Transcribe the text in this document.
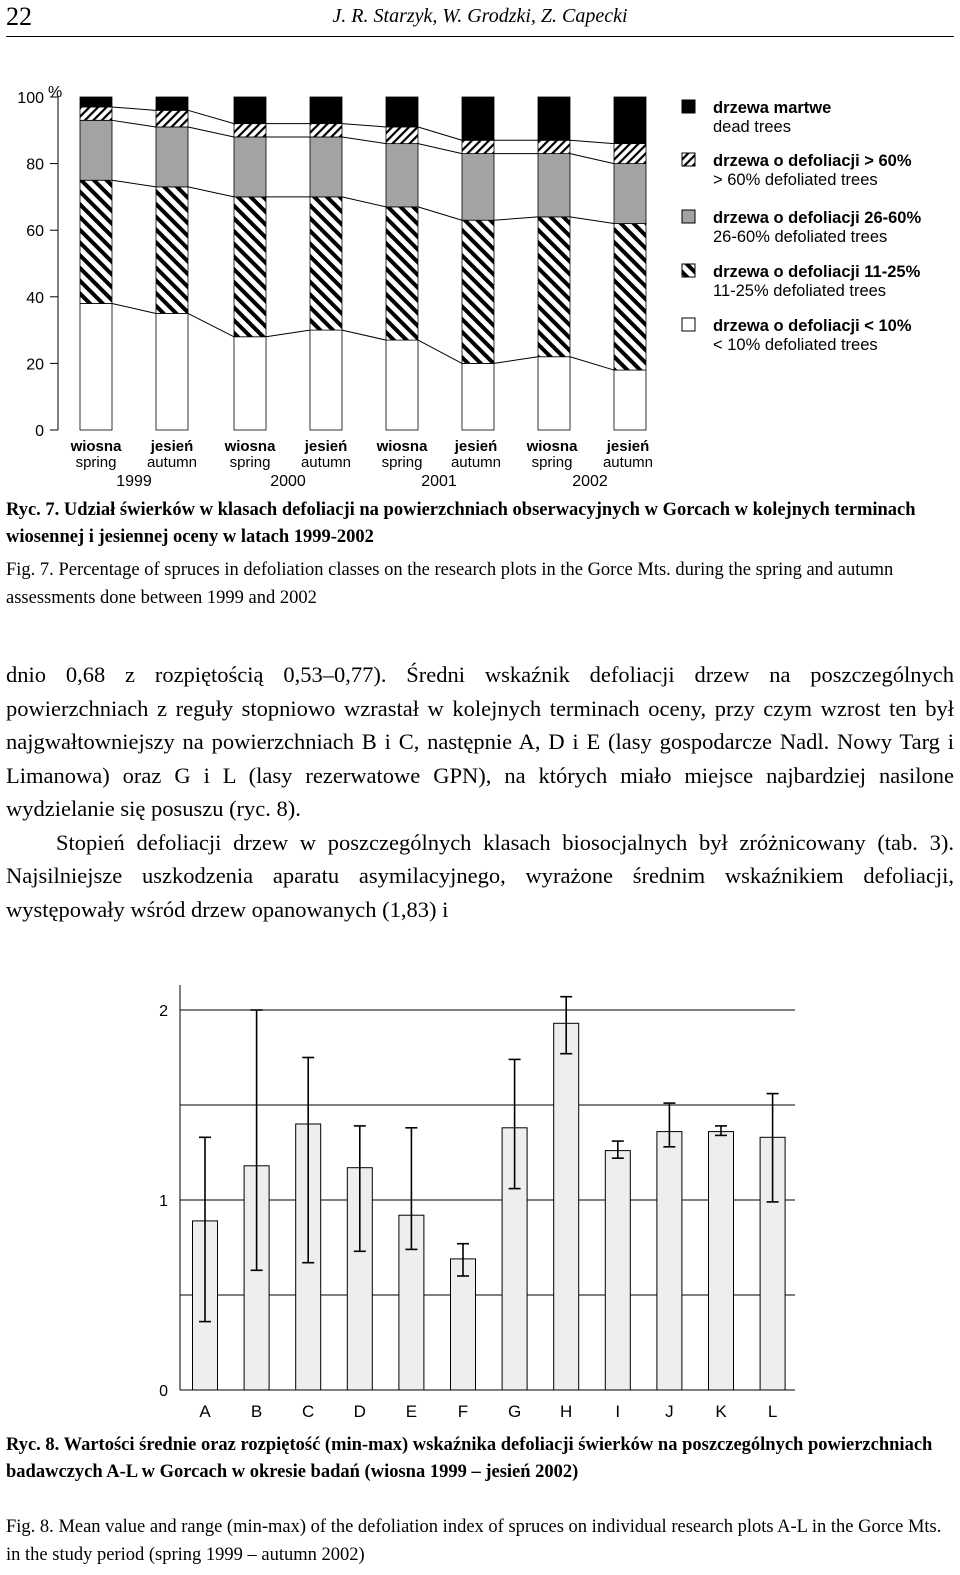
22	J. R. Starzyk, W. Grodzki, Z. Capecki
0
20
40
60
80
100 %
wiosna
spring
jesień
autumn
1999
wiosna
spring
jesień
autumn
2000
wiosna
spring
jesień
autumn
2001
wiosna
spring
jesień
autumn
2002
drzewa martwe
dead trees
drzewa o defoliacji > 60%
> 60% defoliated trees
drzewa o defoliacji 26-60%
26-60% defoliated trees
drzewa o defoliacji 11-25%
11-25% defoliated trees
drzewa o defoliacji < 10%
< 10% defoliated trees
Ryc. 7. Udział świerków w klasach defoliacji na powierzchniach obserwacyjnych w Gorcach w kolejnych terminach wiosennej i jesiennej oceny w latach 1999-2002
Fig. 7. Percentage of spruces in defoliation classes on the research plots in the Gorce Mts. during the spring and autumn assessments done between 1999 and 2002

dnio 0,68 z rozpiętością 0,53–0,77). Średni wskaźnik defoliacji drzew na poszczególnych powierzchniach z reguły stopniowo wzrastał w kolejnych terminach oceny, przy czym wzrost ten był najgwałtowniejszy na powierzchniach B i C, następnie A, D i E (lasy gospodarcze Nadl. Nowy Targ i Limanowa) oraz G i L (lasy rezerwatowe GPN), na których miało miejsce najbardziej nasilone wydzielanie się posuszu (ryc. 8).

Stopień defoliacji drzew w poszczególnych klasach biosocjalnych był zróżnicowany (tab. 3). Najsilniejsze uszkodzenia aparatu asymilacyjnego, wyrażone średnim wskaźnikiem defoliacji, występowały wśród drzew opanowanych (1,83) i

0
1
2
A B C D E F G H	I	J K L
Ryc. 8. Wartości średnie oraz rozpiętość (min-max) wskaźnika defoliacji świerków na poszczególnych powierzchniach badawczych A-L w Gorcach w okresie badań (wiosna 1999 – jesień 2002)
Fig. 8. Mean value and range (min-max) of the defoliation index of spruces on individual research plots A-L in the Gorce Mts. in the study period (spring 1999 – autumn 2002)
